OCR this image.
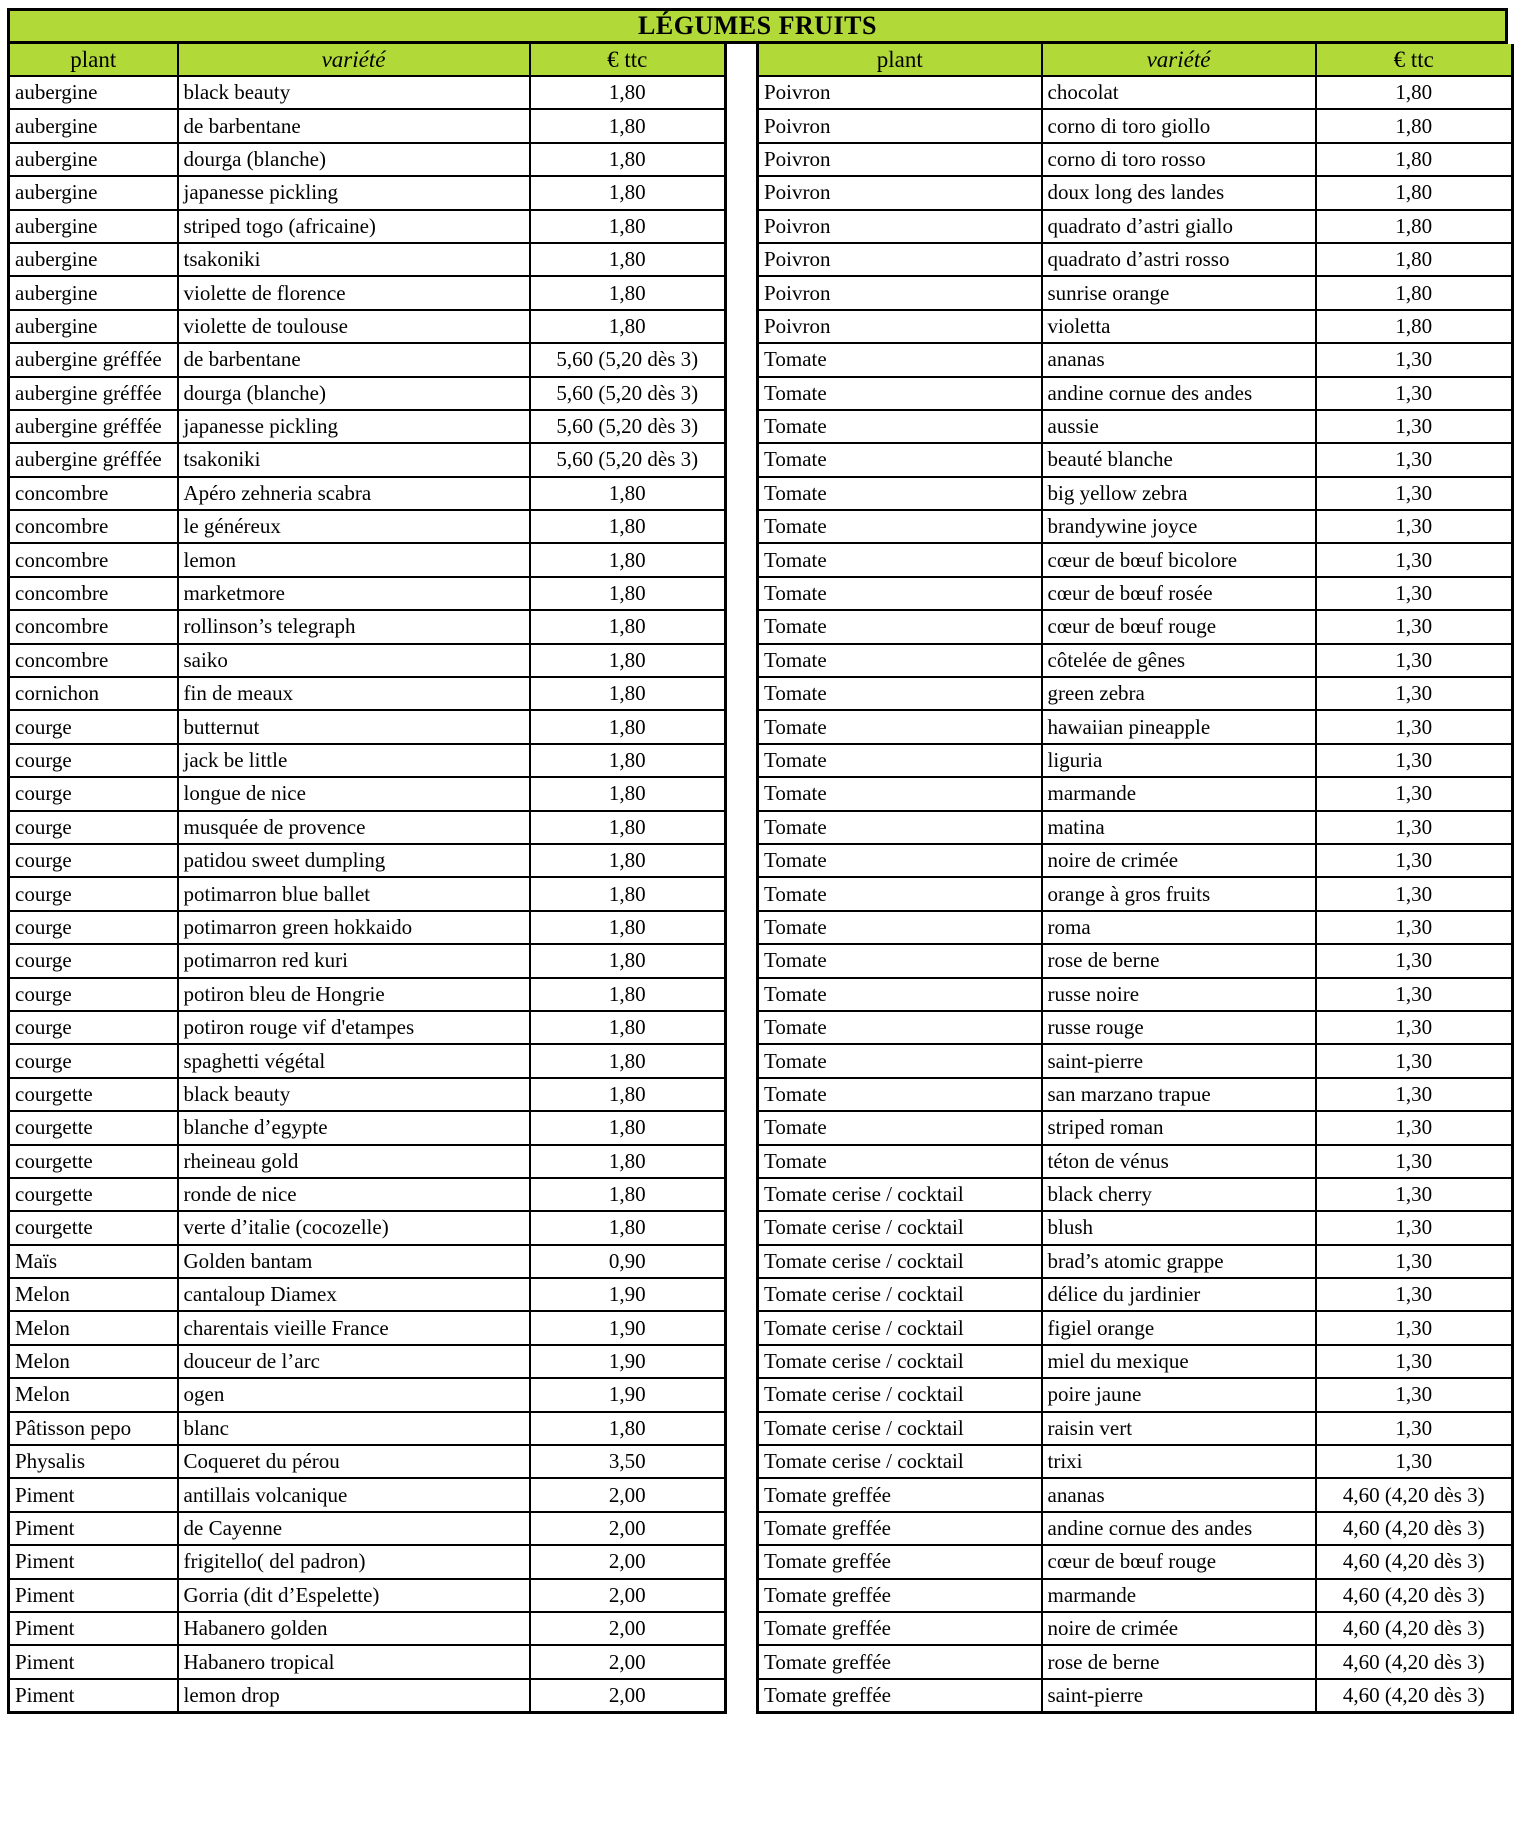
LÉGUMES FRUITS
plant	variété	€ ttc
aubergine	black beauty	1,80
aubergine	de barbentane	1,80
aubergine	dourga (blanche)	1,80
aubergine	japanesse pickling	1,80
aubergine	striped togo (africaine)	1,80
aubergine	tsakoniki	1,80
aubergine	violette de florence	1,80
aubergine	violette de toulouse	1,80
aubergine gréffée	de barbentane	5,60 (5,20 dès 3)
aubergine gréffée	dourga (blanche)	5,60 (5,20 dès 3)
aubergine gréffée	japanesse pickling	5,60 (5,20 dès 3)
aubergine gréffée	tsakoniki	5,60 (5,20 dès 3)
concombre	Apéro zehneria scabra	1,80
concombre	le généreux	1,80
concombre	lemon	1,80
concombre	marketmore	1,80
concombre	rollinson’s telegraph	1,80
concombre	saiko	1,80
cornichon	fin de meaux	1,80
courge	butternut	1,80
courge	jack be little	1,80
courge	longue de nice	1,80
courge	musquée de provence	1,80
courge	patidou sweet dumpling	1,80
courge	potimarron blue ballet	1,80
courge	potimarron green hokkaido	1,80
courge	potimarron red kuri	1,80
courge	potiron bleu de Hongrie	1,80
courge	potiron rouge vif d'etampes	1,80
courge	spaghetti végétal	1,80
courgette	black beauty	1,80
courgette	blanche d’egypte	1,80
courgette	rheineau gold	1,80
courgette	ronde de nice	1,80
courgette	verte d’italie (cocozelle)	1,80
Maïs	Golden bantam	0,90
Melon	cantaloup Diamex	1,90
Melon	charentais vieille France	1,90
Melon	douceur de l’arc	1,90
Melon	ogen	1,90
Pâtisson pepo	blanc	1,80
Physalis	Coqueret du pérou	3,50
Piment	antillais volcanique	2,00
Piment	de Cayenne	2,00
Piment	frigitello( del padron)	2,00
Piment	Gorria (dit d’Espelette)	2,00
Piment	Habanero golden	2,00
Piment	Habanero tropical	2,00
Piment	lemon drop	2,00
plant	variété	€ ttc
Poivron	chocolat	1,80
Poivron	corno di toro giollo	1,80
Poivron	corno di toro rosso	1,80
Poivron	doux long des landes	1,80
Poivron	quadrato d’astri giallo	1,80
Poivron	quadrato d’astri rosso	1,80
Poivron	sunrise orange	1,80
Poivron	violetta	1,80
Tomate	ananas	1,30
Tomate	andine cornue des andes	1,30
Tomate	aussie	1,30
Tomate	beauté blanche	1,30
Tomate	big yellow zebra	1,30
Tomate	brandywine joyce	1,30
Tomate	cœur de bœuf bicolore	1,30
Tomate	cœur de bœuf rosée	1,30
Tomate	cœur de bœuf rouge	1,30
Tomate	côtelée de gênes	1,30
Tomate	green zebra	1,30
Tomate	hawaiian pineapple	1,30
Tomate	liguria	1,30
Tomate	marmande	1,30
Tomate	matina	1,30
Tomate	noire de crimée	1,30
Tomate	orange à gros fruits	1,30
Tomate	roma	1,30
Tomate	rose de berne	1,30
Tomate	russe noire	1,30
Tomate	russe rouge	1,30
Tomate	saint-pierre	1,30
Tomate	san marzano trapue	1,30
Tomate	striped roman	1,30
Tomate	téton de vénus	1,30
Tomate cerise / cocktail	black cherry	1,30
Tomate cerise / cocktail	blush	1,30
Tomate cerise / cocktail	brad’s atomic grappe	1,30
Tomate cerise / cocktail	délice du jardinier	1,30
Tomate cerise / cocktail	figiel orange	1,30
Tomate cerise / cocktail	miel du mexique	1,30
Tomate cerise / cocktail	poire jaune	1,30
Tomate cerise / cocktail	raisin vert	1,30
Tomate cerise / cocktail	trixi	1,30
Tomate greffée	ananas	4,60 (4,20 dès 3)
Tomate greffée	andine cornue des andes	4,60 (4,20 dès 3)
Tomate greffée	cœur de bœuf rouge	4,60 (4,20 dès 3)
Tomate greffée	marmande	4,60 (4,20 dès 3)
Tomate greffée	noire de crimée	4,60 (4,20 dès 3)
Tomate greffée	rose de berne	4,60 (4,20 dès 3)
Tomate greffée	saint-pierre	4,60 (4,20 dès 3)
